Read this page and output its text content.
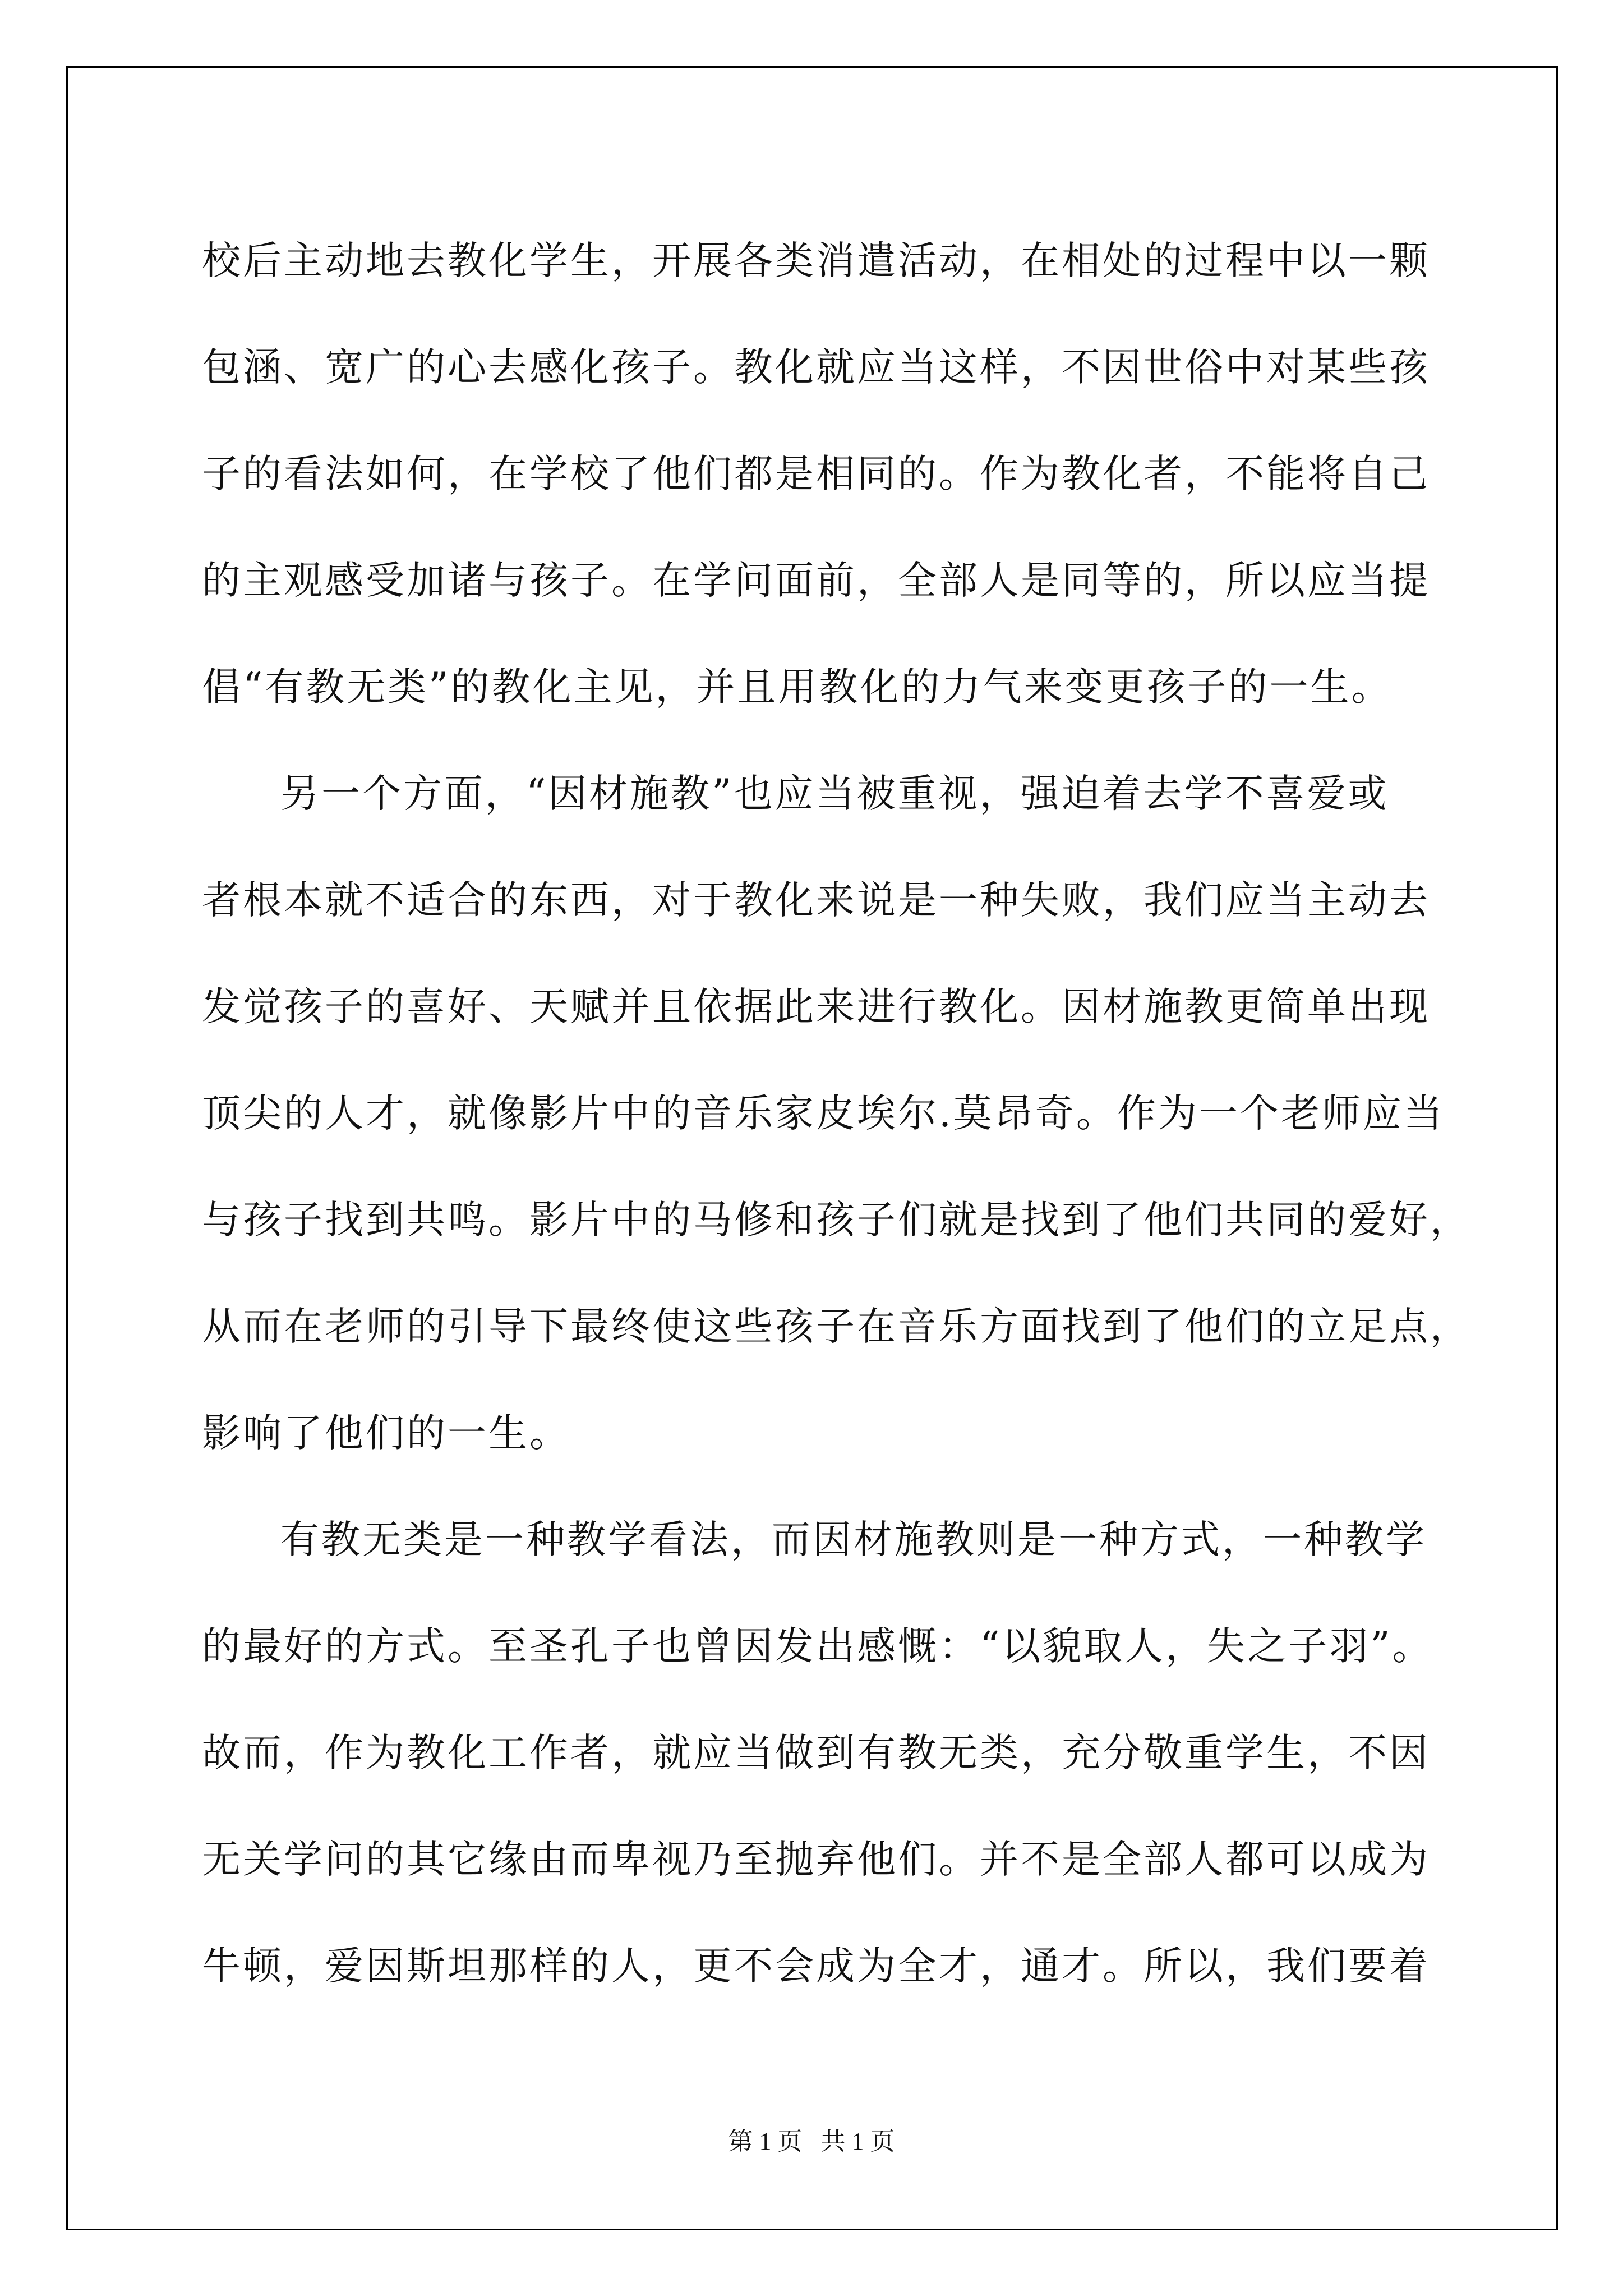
校后主动地去教化学生，开展各类消遣活动，在相处的过程中以一颗
包涵、宽广的心去感化孩子。教化就应当这样，不因世俗中对某些孩
子的看法如何，在学校了他们都是相同的。作为教化者，不能将自己
的主观感受加诸与孩子。在学问面前，全部人是同等的，所以应当提
倡“有教无类”的教化主见，并且用教化的力气来变更孩子的一生。
另一个方面，“因材施教”也应当被重视，强迫着去学不喜爱或
者根本就不适合的东西，对于教化来说是一种失败，我们应当主动去
发觉孩子的喜好、天赋并且依据此来进行教化。因材施教更简单出现
顶尖的人才，就像影片中的音乐家皮埃尔.莫昂奇。作为一个老师应当
与孩子找到共鸣。影片中的马修和孩子们就是找到了他们共同的爱好，
从而在老师的引导下最终使这些孩子在音乐方面找到了他们的立足点，
影响了他们的一生。
有教无类是一种教学看法，而因材施教则是一种方式，一种教学
的最好的方式。至圣孔子也曾因发出感慨：“以貌取人，失之子羽”。
故而，作为教化工作者，就应当做到有教无类，充分敬重学生，不因
无关学问的其它缘由而卑视乃至抛弃他们。并不是全部人都可以成为
牛顿，爱因斯坦那样的人，更不会成为全才，通才。所以，我们要着
第 1 页   共 1 页
